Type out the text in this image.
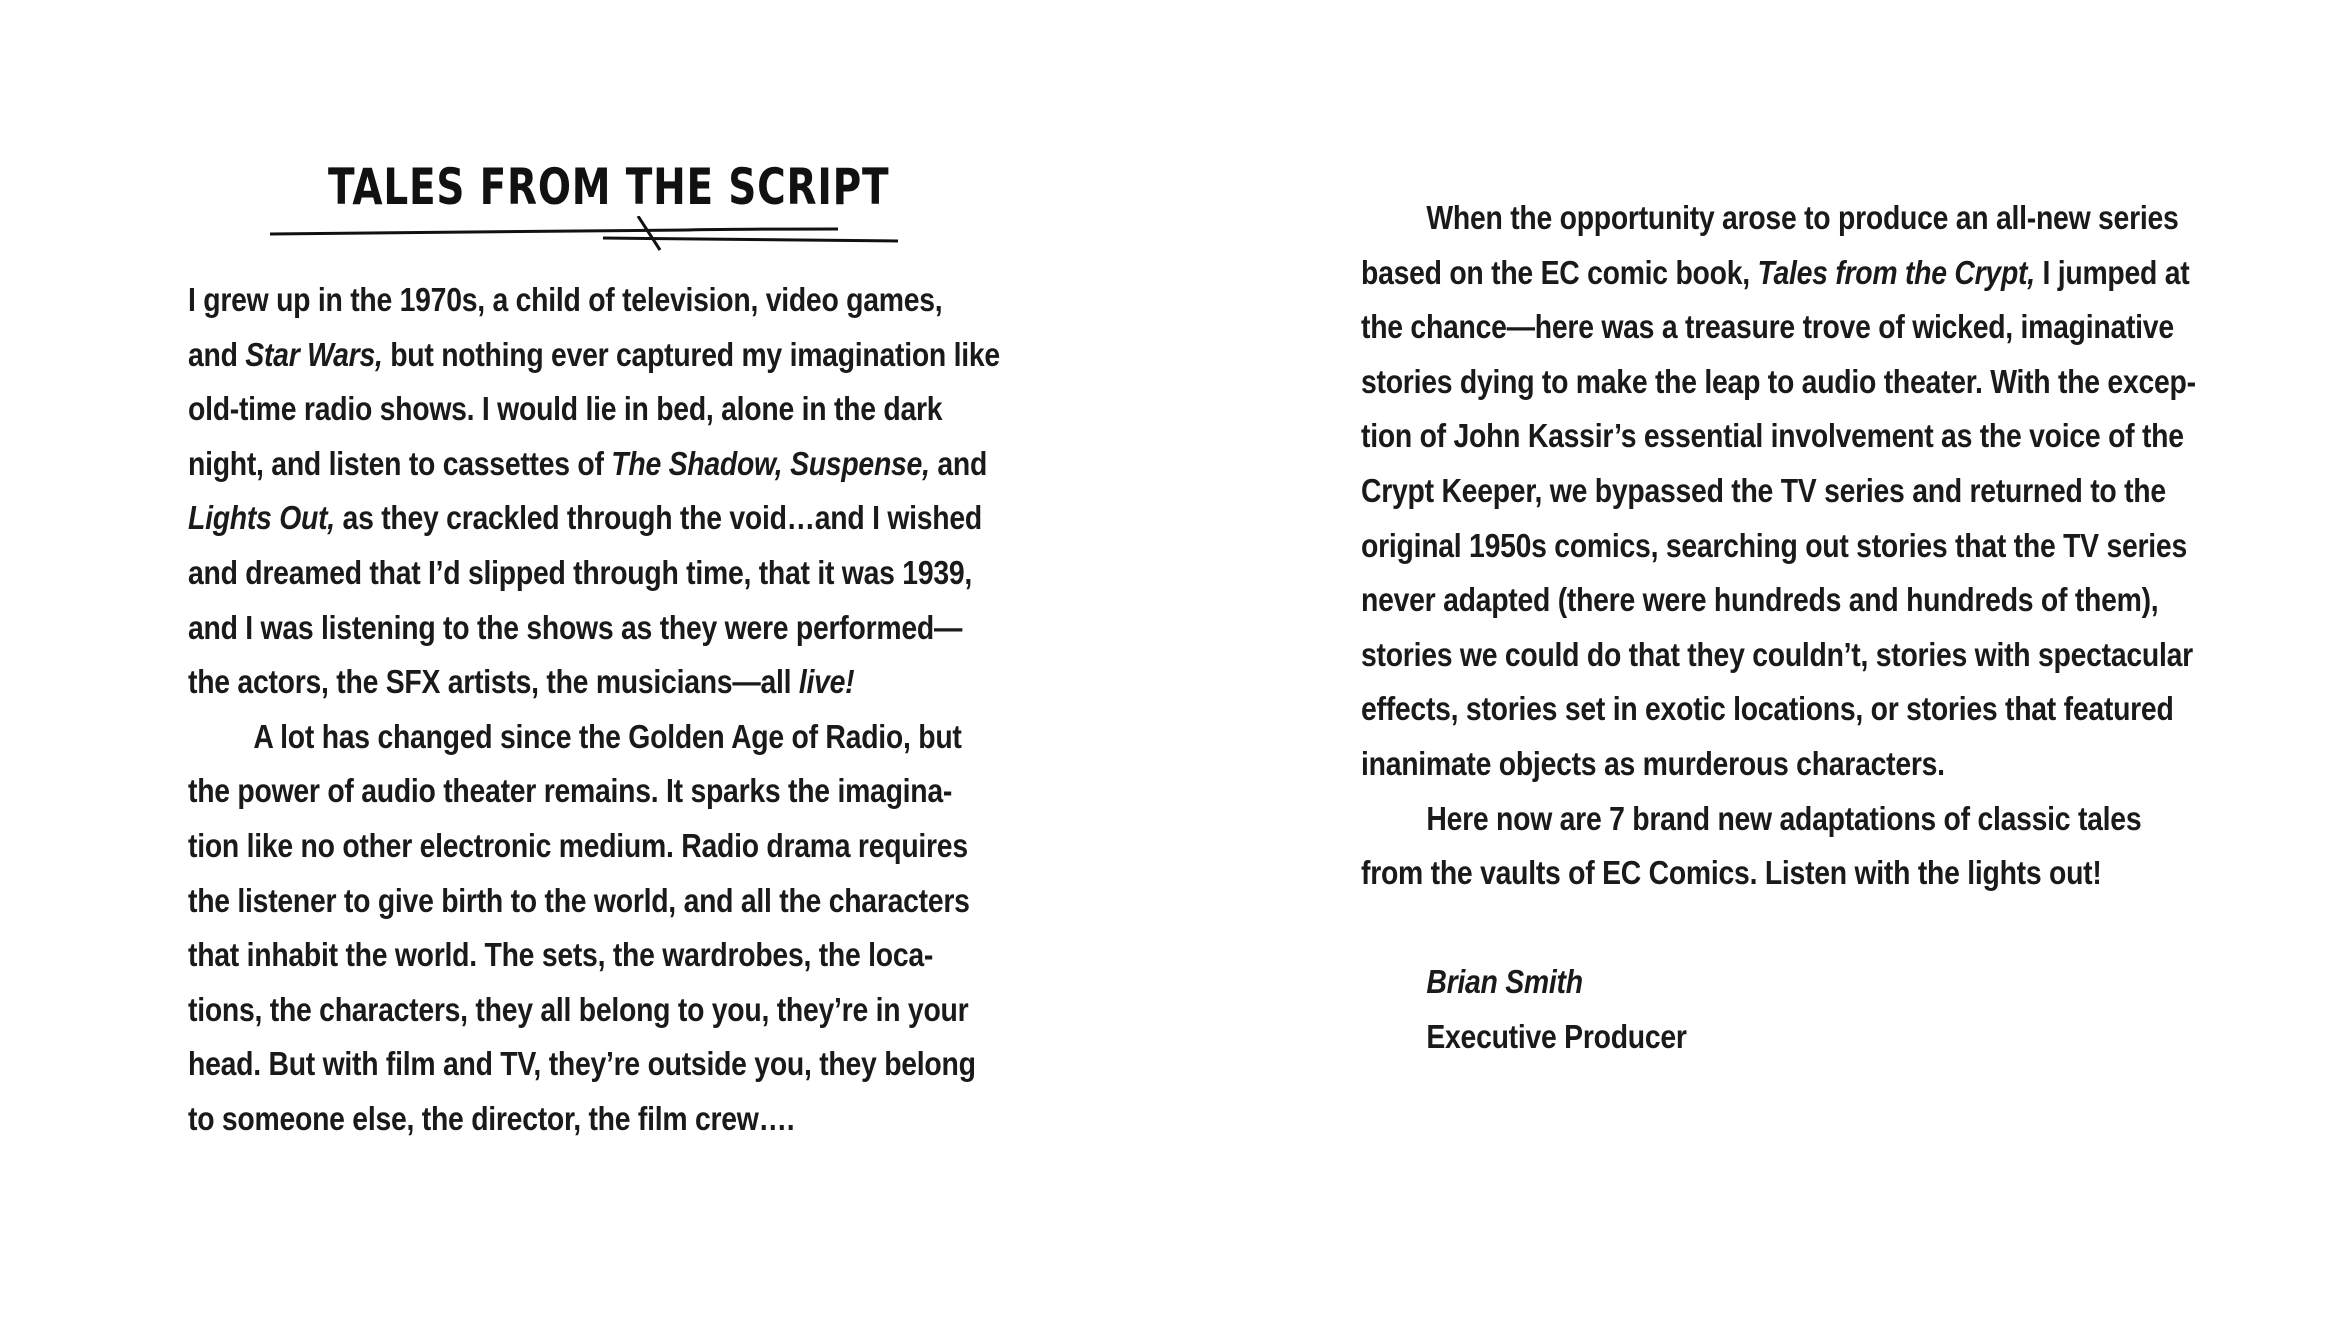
TALES FROM THE SCRIPT
I grew up in the 1970s, a child of television, video games,
and Star Wars, but nothing ever captured my imagination like
old-time radio shows. I would lie in bed, alone in the dark
night, and listen to cassettes of The Shadow, Suspense, and
Lights Out, as they crackled through the void…and I wished
and dreamed that I’d slipped through time, that it was 1939,
and I was listening to the shows as they were performed—
the actors, the SFX artists, the musicians—all live!
A lot has changed since the Golden Age of Radio, but
the power of audio theater remains. It sparks the imagina-
tion like no other electronic medium. Radio drama requires
the listener to give birth to the world, and all the characters
that inhabit the world. The sets, the wardrobes, the loca-
tions, the characters, they all belong to you, they’re in your
head. But with film and TV, they’re outside you, they belong
to someone else, the director, the film crew….
When the opportunity arose to produce an all-new series
based on the EC comic book, Tales from the Crypt, I jumped at
the chance—here was a treasure trove of wicked, imaginative
stories dying to make the leap to audio theater. With the excep-
tion of John Kassir’s essential involvement as the voice of the
Crypt Keeper, we bypassed the TV series and returned to the
original 1950s comics, searching out stories that the TV series
never adapted (there were hundreds and hundreds of them),
stories we could do that they couldn’t, stories with spectacular
effects, stories set in exotic locations, or stories that featured
inanimate objects as murderous characters.
Here now are 7 brand new adaptations of classic tales
from the vaults of EC Comics. Listen with the lights out!
Brian Smith
Executive Producer
